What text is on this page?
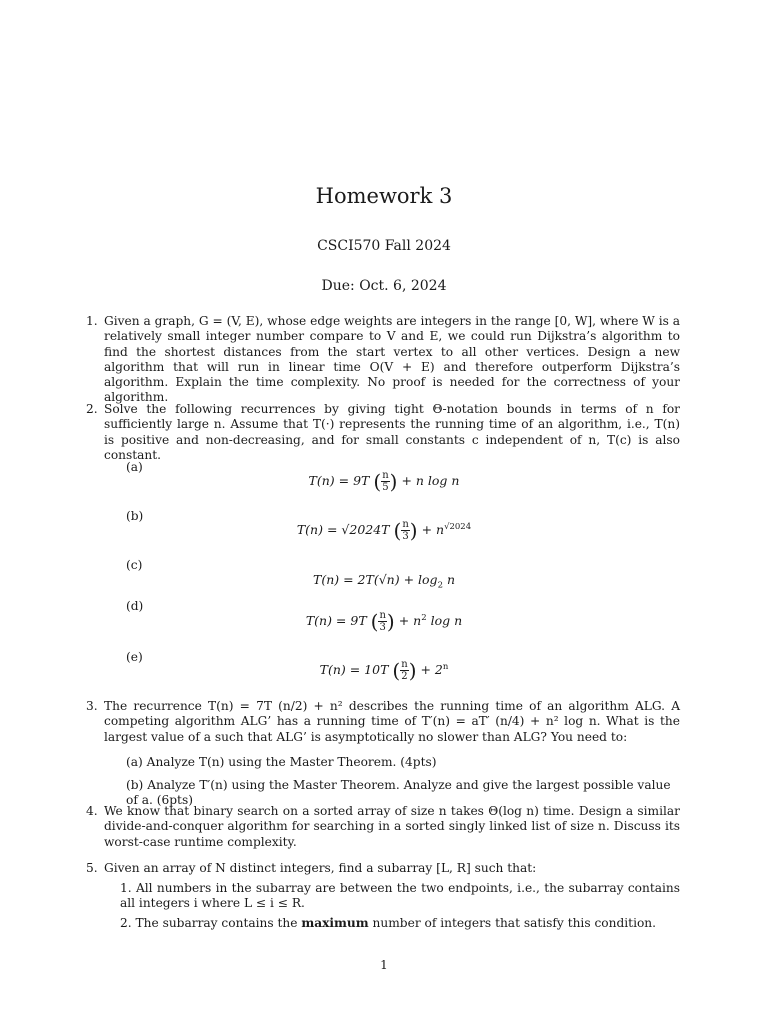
Homework 3
CSCI570 Fall 2024
Due: Oct. 6, 2024
1. Given a graph, G = (V, E), whose edge weights are integers in the range [0, W], where W is a relatively small integer number compare to V and E, we could run Dijkstra’s algorithm to find the shortest distances from the start vertex to all other vertices. Design a new algorithm that will run in linear time O(V + E) and therefore outperform Dijkstra’s algorithm. Explain the time complexity. No proof is needed for the correctness of your algorithm.
2. Solve the following recurrences by giving tight Θ-notation bounds in terms of n for sufficiently large n. Assume that T(·) represents the running time of an algorithm, i.e., T(n) is positive and non-decreasing, and for small constants c independent of n, T(c) is also constant.
(a)
T(n) = 9T ( $\frac{n}{5}$ ) + n log n
(b)
T(n) = √2024T ( $\frac{n}{3}$ ) + $n^{√2024}$
(c)
$T(n) = 2T(√n) + \log_2 n$
(d)
T(n) = 9T ( $\frac{n}{3}$ ) + $n^2$ log n
(e)
T(n) = 10T ( $\frac{n}{2}$ ) + $2^n$
3. The recurrence T(n) = 7T (n/2) + n² describes the running time of an algorithm ALG. A competing algorithm ALG’ has a running time of T′(n) = aT′ (n/4) + n² log n. What is the largest value of a such that ALG’ is asymptotically no slower than ALG? You need to:
(a) Analyze T(n) using the Master Theorem. (4pts)
(b) Analyze T′(n) using the Master Theorem. Analyze and give the largest possible value of a. (6pts)
4. We know that binary search on a sorted array of size n takes Θ(log n) time. Design a similar divide-and-conquer algorithm for searching in a sorted singly linked list of size n. Discuss its worst-case runtime complexity.
5. Given an array of N distinct integers, find a subarray [L, R] such that:
1. All numbers in the subarray are between the two endpoints, i.e., the subarray contains all integers i where L ≤ i ≤ R.
2. The subarray contains the maximum number of integers that satisfy this condition.
1
